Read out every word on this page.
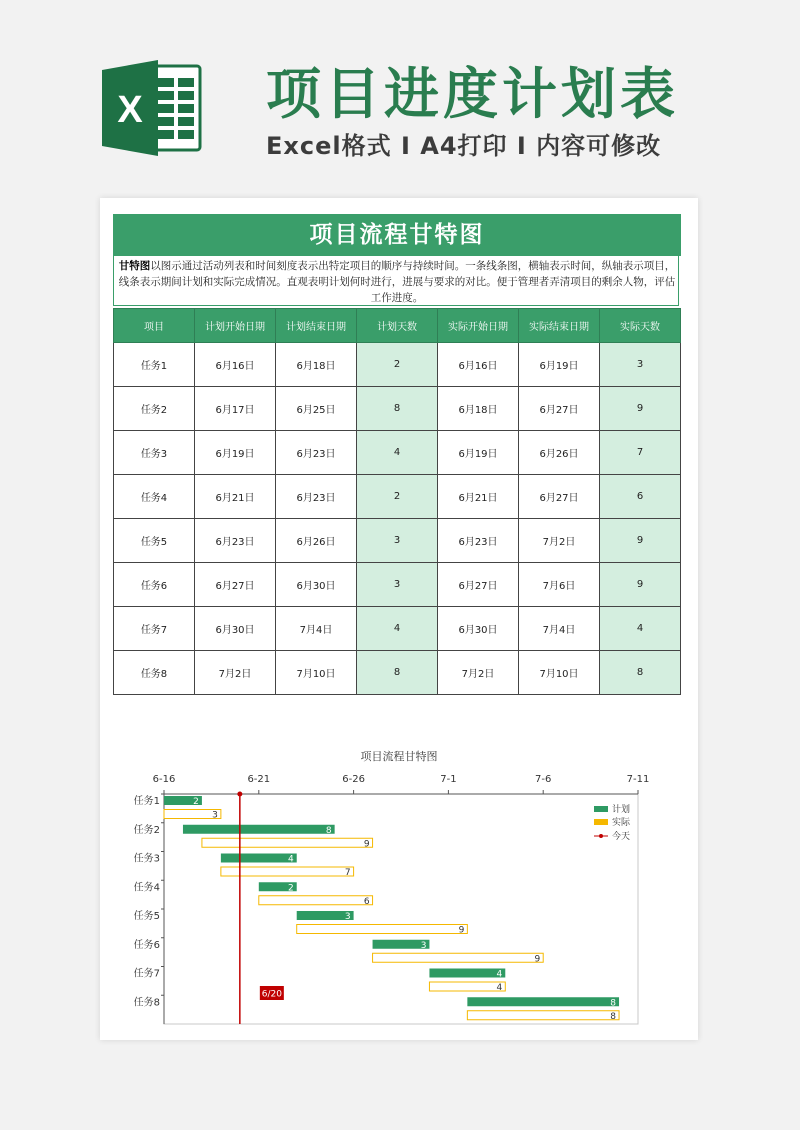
X 项目进度计划表
Excel格式 I A4打印 I 内容可修改
项目流程甘特图
甘特图以图示通过活动列表和时间刻度表示出特定项目的顺序与持续时间。一条线条图，横轴表示时间，纵轴表示项目，线条表示期间计划和实际完成情况。直观表明计划何时进行，进展与要求的对比。便于管理者弄清项目的剩余人物，评估工作进度。
项目	计划开始日期	计划结束日期	计划天数	实际开始日期	实际结束日期	实际天数
任务1	6月16日	6月18日	2	6月16日	6月19日	3
任务2	6月17日	6月25日	8	6月18日	6月27日	9
任务3	6月19日	6月23日	4	6月19日	6月26日	7
任务4	6月21日	6月23日	2	6月21日	6月27日	6
任务5	6月23日	6月26日	3	6月23日	7月2日	9
任务6	6月27日	6月30日	3	6月27日	7月6日	9
任务7	6月30日	7月4日	4	6月30日	7月4日	4
任务8	7月2日	7月10日	8	7月2日	7月10日	8
项目流程甘特图
6-16	6-21	6-26	7-1	7-6	7-11
任务1	2
3
任务2	8
9
任务3	4
7
任务4	2
6
任务5	3
9
任务6	3
9
任务7	4
4
任务8	8
8
6/20
计划
实际
今天
